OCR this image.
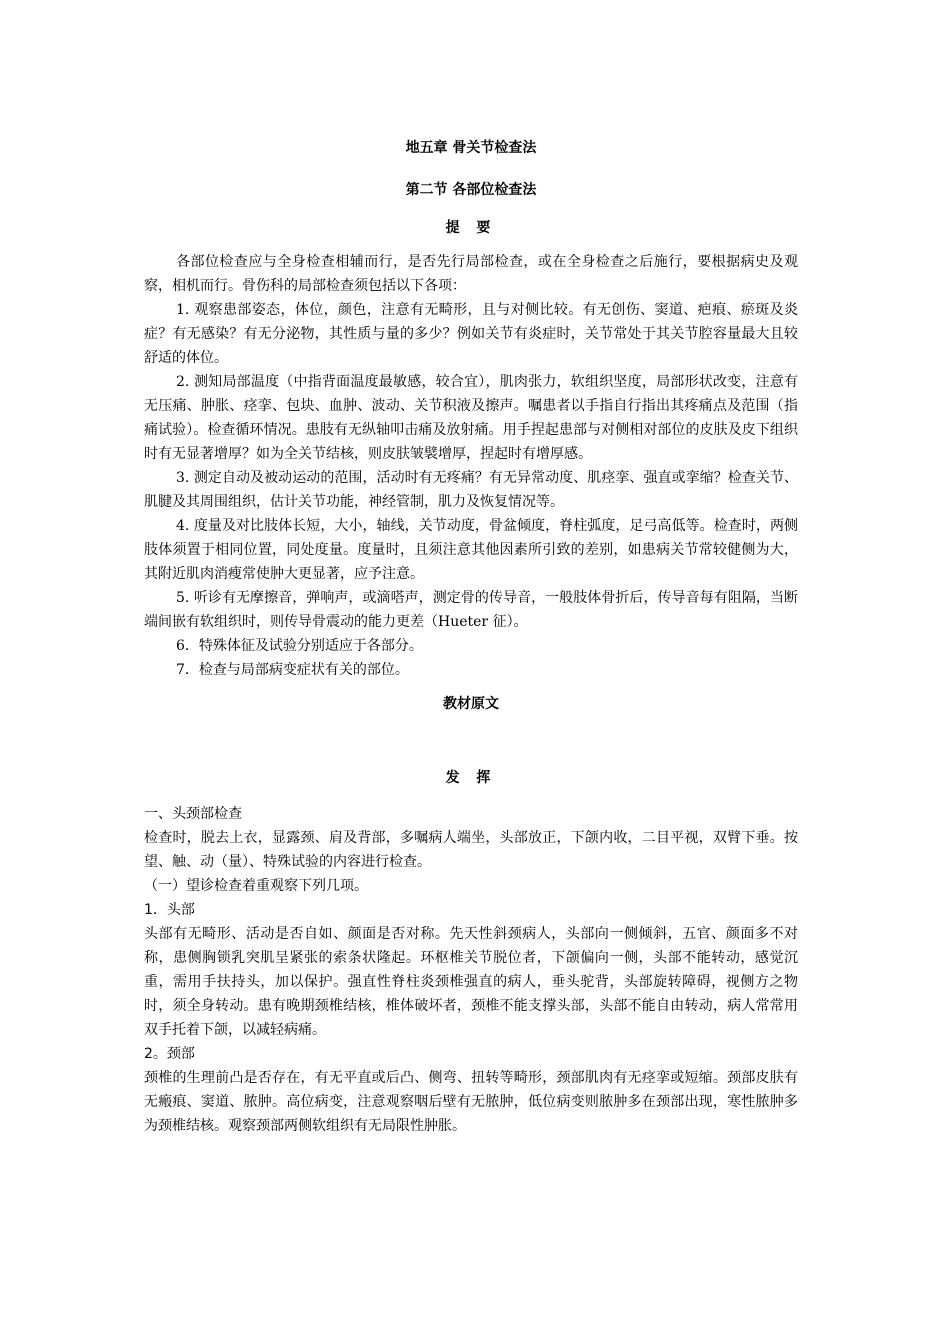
地五章 骨关节检查法

第二节 各部位检查法

提 要

各部位检查应与全身检查相辅而行，是否先行局部检查，或在全身检查之后施行，要根据病史及观察，相机而行。骨伤科的局部检查须包括以下各项：

1. 观察患部姿态，体位，颜色，注意有无畸形，且与对侧比较。有无创伤、窦道、疤痕、瘀斑及炎症？有无感染？有无分泌物，其性质与量的多少？例如关节有炎症时，关节常处于其关节腔容量最大且较舒适的体位。

2. 测知局部温度（中指背面温度最敏感，较合宜），肌肉张力，软组织坚度，局部形状改变，注意有无压痛、肿胀、痉挛、包块、血肿、波动、关节积液及擦声。嘱患者以手指自行指出其疼痛点及范围（指痛试验）。检查循环情况。患肢有无纵轴叩击痛及放射痛。用手捏起患部与对侧相对部位的皮肤及皮下组织时有无显著增厚？如为全关节结核，则皮肤皱襞增厚，捏起时有增厚感。

3. 测定自动及被动运动的范围，活动时有无疼痛？有无异常动度、肌痉挛、强直或挛缩？检查关节、肌腱及其周围组织，估计关节功能，神经管制，肌力及恢复情况等。

4. 度量及对比肢体长短，大小，轴线，关节动度，骨盆倾度，脊柱弧度，足弓高低等。检查时，两侧肢体须置于相同位置，同处度量。度量时，且须注意其他因素所引致的差别，如患病关节常较健侧为大，其附近肌肉消瘦常使肿大更显著，应予注意。

5. 听诊有无摩擦音，弹响声，或滴嗒声，测定骨的传导音，一般肢体骨折后，传导音每有阻隔，当断端间嵌有软组织时，则传导骨震动的能力更差（Hueter 征）。

6．特殊体征及试验分别适应于各部分。

7．检查与局部病变症状有关的部位。

教材原文

发 挥

一、头颈部检查

检查时，脱去上衣，显露颈、肩及背部，多嘱病人端坐，头部放正，下颌内收，二目平视，双臂下垂。按望、触、动（量）、特殊试验的内容进行检查。

（一）望诊检查着重观察下列几项。

1．头部

头部有无畸形、活动是否自如、颜面是否对称。先天性斜颈病人，头部向一侧倾斜，五官、颜面多不对称，患侧胸锁乳突肌呈紧张的索条状隆起。环枢椎关节脱位者，下颌偏向一侧，头部不能转动，感觉沉重，需用手扶持头，加以保护。强直性脊柱炎颈椎强直的病人，垂头驼背，头部旋转障碍，视侧方之物时，须全身转动。患有晚期颈椎结核，椎体破坏者，颈椎不能支撑头部，头部不能自由转动，病人常常用双手托着下颌，以减轻病痛。

2。颈部

颈椎的生理前凸是否存在，有无平直或后凸、侧弯、扭转等畸形，颈部肌肉有无痉挛或短缩。颈部皮肤有无瘢痕、窦道、脓肿。高位病变，注意观察咽后壁有无脓肿，低位病变则脓肿多在颈部出现，寒性脓肿多为颈椎结核。观察颈部两侧软组织有无局限性肿胀。
